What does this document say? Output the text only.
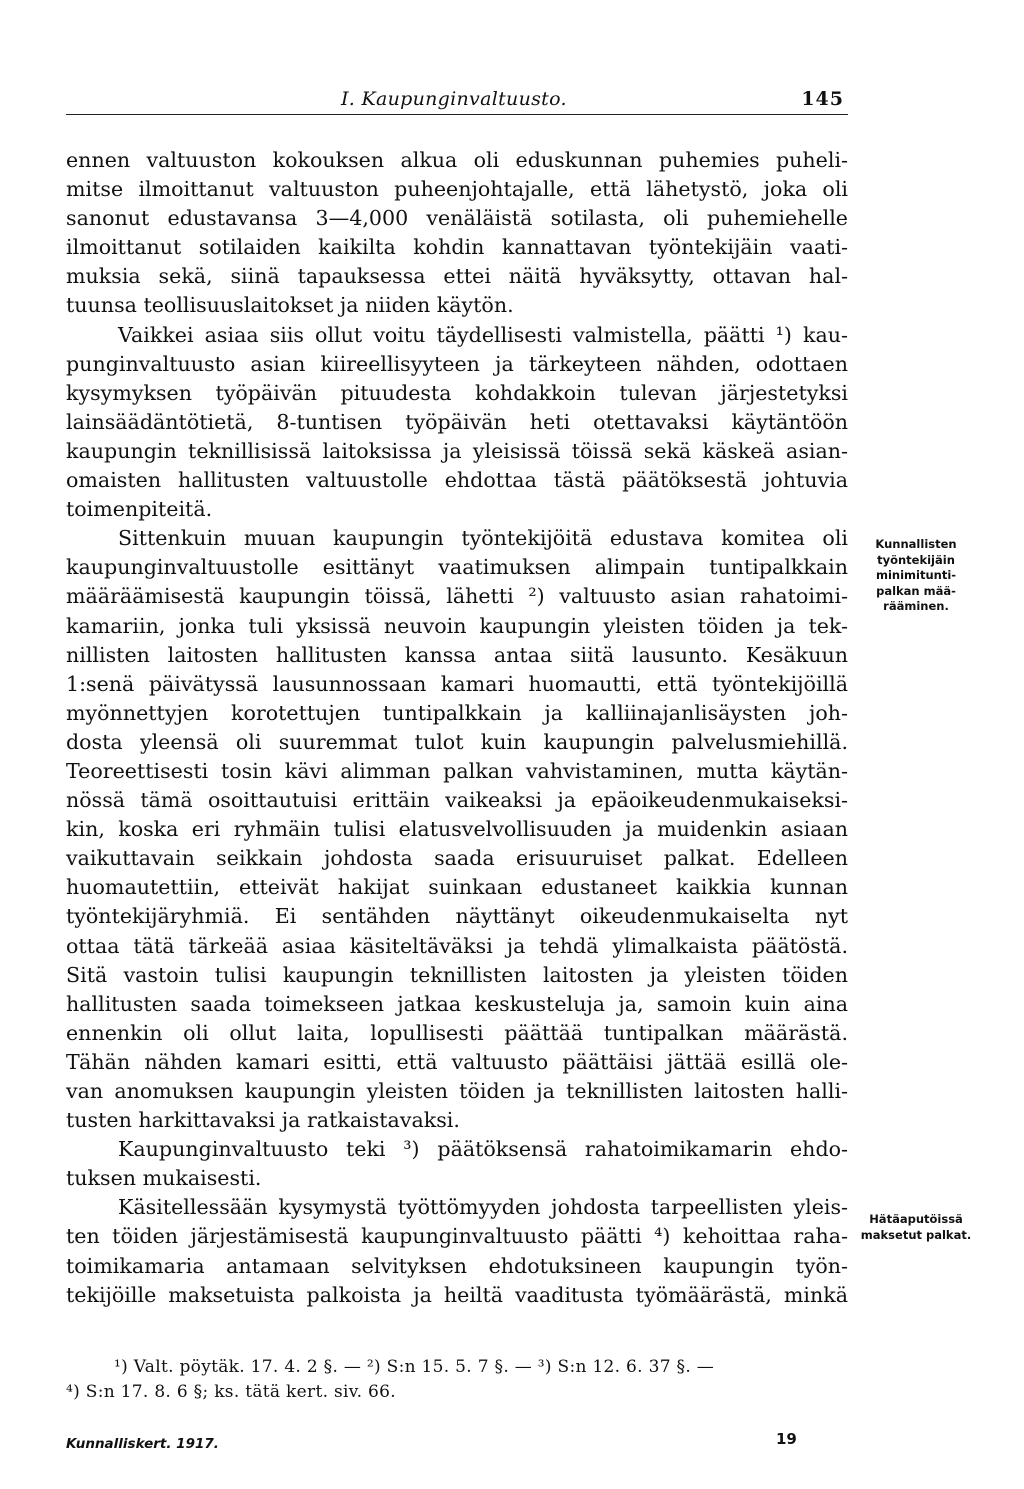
I. Kaupunginvaltuusto.	145
ennen valtuuston kokouksen alkua oli eduskunnan puhemies puheli-
mitse ilmoittanut valtuuston puheenjohtajalle, että lähetystö, joka oli
sanonut edustavansa 3—4,000 venäläistä sotilasta, oli puhemiehelle
ilmoittanut sotilaiden kaikilta kohdin kannattavan työntekijäin vaati-
muksia sekä, siinä tapauksessa ettei näitä hyväksytty, ottavan hal-
tuunsa teollisuuslaitokset ja niiden käytön.
Vaikkei asiaa siis ollut voitu täydellisesti valmistella, päätti ¹) kau-
punginvaltuusto asian kiireellisyyteen ja tärkeyteen nähden, odottaen
kysymyksen työpäivän pituudesta kohdakkoin tulevan järjestetyksi
lainsäädäntötietä, 8-tuntisen työpäivän heti otettavaksi käytäntöön
kaupungin teknillisissä laitoksissa ja yleisissä töissä sekä käskeä asian-
omaisten hallitusten valtuustolle ehdottaa tästä päätöksestä johtuvia
toimenpiteitä.
Sittenkuin muuan kaupungin työntekijöitä edustava komitea oli
kaupunginvaltuustolle esittänyt vaatimuksen alimpain tuntipalkkain
määräämisestä kaupungin töissä, lähetti ²) valtuusto asian rahatoimi-
kamariin, jonka tuli yksissä neuvoin kaupungin yleisten töiden ja tek-
nillisten laitosten hallitusten kanssa antaa siitä lausunto. Kesäkuun
1:senä päivätyssä lausunnossaan kamari huomautti, että työntekijöillä
myönnettyjen korotettujen tuntipalkkain ja kalliinajanlisäysten joh-
dosta yleensä oli suuremmat tulot kuin kaupungin palvelusmiehillä.
Teoreettisesti tosin kävi alimman palkan vahvistaminen, mutta käytän-
nössä tämä osoittautuisi erittäin vaikeaksi ja epäoikeudenmukaiseksi-
kin, koska eri ryhmäin tulisi elatusvelvollisuuden ja muidenkin asiaan
vaikuttavain seikkain johdosta saada erisuuruiset palkat. Edelleen
huomautettiin, etteivät hakijat suinkaan edustaneet kaikkia kunnan
työntekijäryhmiä. Ei sentähden näyttänyt oikeudenmukaiselta nyt
ottaa tätä tärkeää asiaa käsiteltäväksi ja tehdä ylimalkaista päätöstä.
Sitä vastoin tulisi kaupungin teknillisten laitosten ja yleisten töiden
hallitusten saada toimekseen jatkaa keskusteluja ja, samoin kuin aina
ennenkin oli ollut laita, lopullisesti päättää tuntipalkan määrästä.
Tähän nähden kamari esitti, että valtuusto päättäisi jättää esillä ole-
van anomuksen kaupungin yleisten töiden ja teknillisten laitosten halli-
tusten harkittavaksi ja ratkaistavaksi.
Kaupunginvaltuusto teki ³) päätöksensä rahatoimikamarin ehdo-
tuksen mukaisesti.
Käsitellessään kysymystä työttömyyden johdosta tarpeellisten yleis-
ten töiden järjestämisestä kaupunginvaltuusto päätti ⁴) kehoittaa raha-
toimikamaria antamaan selvityksen ehdotuksineen kaupungin työn-
tekijöille maksetuista palkoista ja heiltä vaaditusta työmäärästä, minkä
Kunnallisten työntekijäin minimitunti-palkan mää-rääminen.
Hätäaputöissä maksetut palkat.
¹) Valt. pöytäk. 17. 4. 2 §. — ²) S:n 15. 5. 7 §. — ³) S:n 12. 6. 37 §. —
⁴) S:n 17. 8. 6 §; ks. tätä kert. siv. 66.
Kunnalliskert. 1917.	19
